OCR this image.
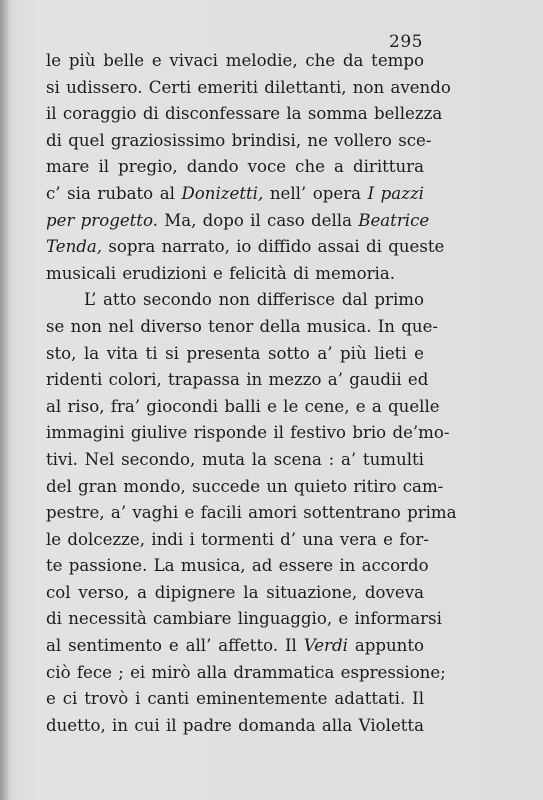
295
le più belle e vivaci melodie, che da tempo
si udissero. Certi emeriti dilettanti, non avendo
il coraggio di disconfessare la somma bellezza
di quel graziosissimo brindisi, ne vollero sce-
mare il pregio, dando voce che a dirittura
c’ sia rubato al Donizetti, nell’ opera I pazzi
per progetto. Ma, dopo il caso della Beatrice
Tenda, sopra narrato, io diffido assai di queste
musicali erudizioni e felicità di memoria.
L’ atto secondo non differisce dal primo
se non nel diverso tenor della musica. In que-
sto, la vita ti si presenta sotto a’ più lieti e
ridenti colori, trapassa in mezzo a’ gaudii ed
al riso, fra’ giocondi balli e le cene, e a quelle
immagini giulive risponde il festivo brio de’mo-
tivi. Nel secondo, muta la scena : a’ tumulti
del gran mondo, succede un quieto ritiro cam-
pestre, a’ vaghi e facili amori sottentrano prima
le dolcezze, indi i tormenti d’ una vera e for-
te passione. La musica, ad essere in accordo
col verso, a dipignere la situazione, doveva
di necessità cambiare linguaggio, e informarsi
al sentimento e all’ affetto. Il Verdi appunto
ciò fece ; ei mirò alla drammatica espressione;
e ci trovò i canti eminentemente adattati. Il
duetto, in cui il padre domanda alla Violetta
